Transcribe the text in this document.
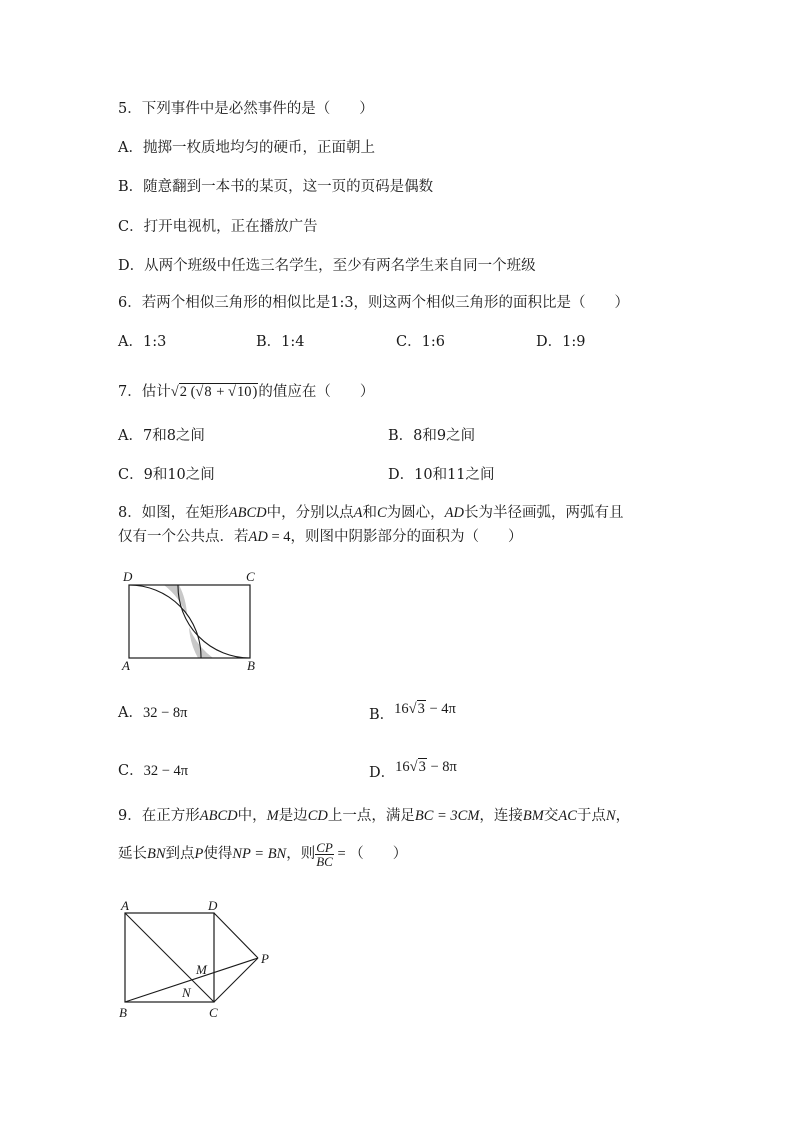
5．下列事件中是必然事件的是（　　）
A．抛掷一枚质地均匀的硬币，正面朝上
B．随意翻到一本书的某页，这一页的页码是偶数
C．打开电视机，正在播放广告
D．从两个班级中任选三名学生，至少有两名学生来自同一个班级
6．若两个相似三角形的相似比是1:3，则这两个相似三角形的面积比是（　　）
A．1:3	B．1:4	C．1:6	D．1:9
7．估计√2 (√8 + √10)的值应在（　　）
A．7和8之间	B．8和9之间
C．9和10之间	D．10和11之间
8．如图，在矩形ABCD中，分别以点A和C为圆心，AD长为半径画弧，两弧有且
仅有一个公共点．若AD = 4，则图中阴影部分的面积为（　　）
D	C
A	B
A．32 − 8π	B．16√3 − 4π
C．32 − 4π	D．16√3 − 8π
9．在正方形ABCD中，M是边CD上一点，满足BC = 3CM，连接BM交AC于点N，
延长BN到点P使得NP = BN，则 $\frac{CP}{BC}$ = （　　）
A	D
B	C
M
N
P
